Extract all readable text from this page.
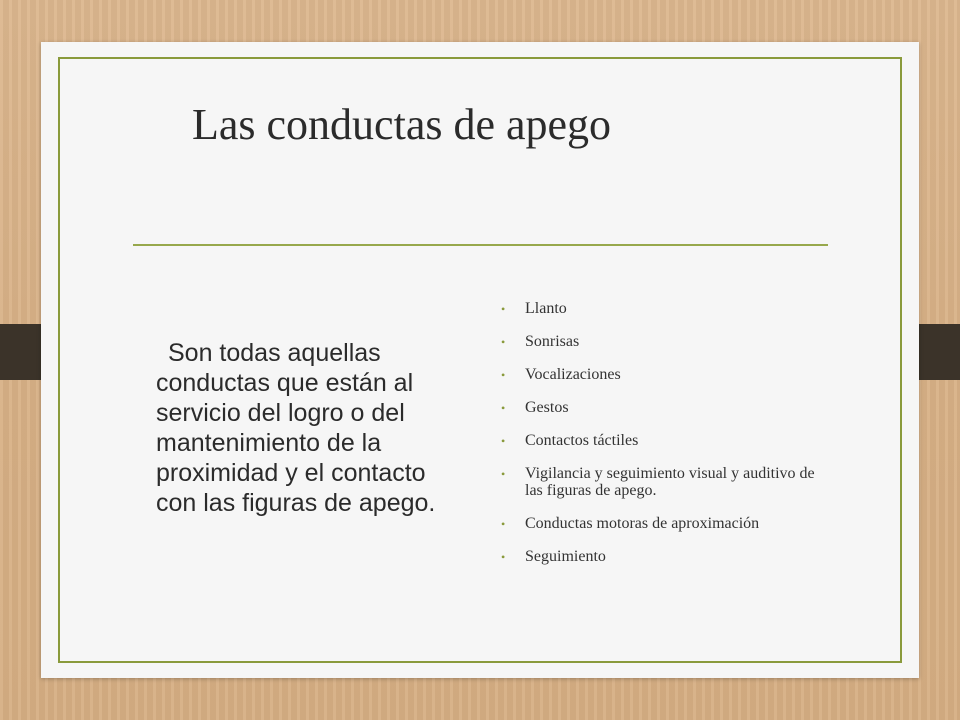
Las conductas de apego
Son todas aquellas conductas que están al servicio del logro o del mantenimiento de la proximidad y el contacto con las figuras de apego.
• Llanto
• Sonrisas
• Vocalizaciones
• Gestos
• Contactos táctiles
• Vigilancia y seguimiento visual y auditivo de las figuras de apego.
• Conductas motoras de aproximación
• Seguimiento
